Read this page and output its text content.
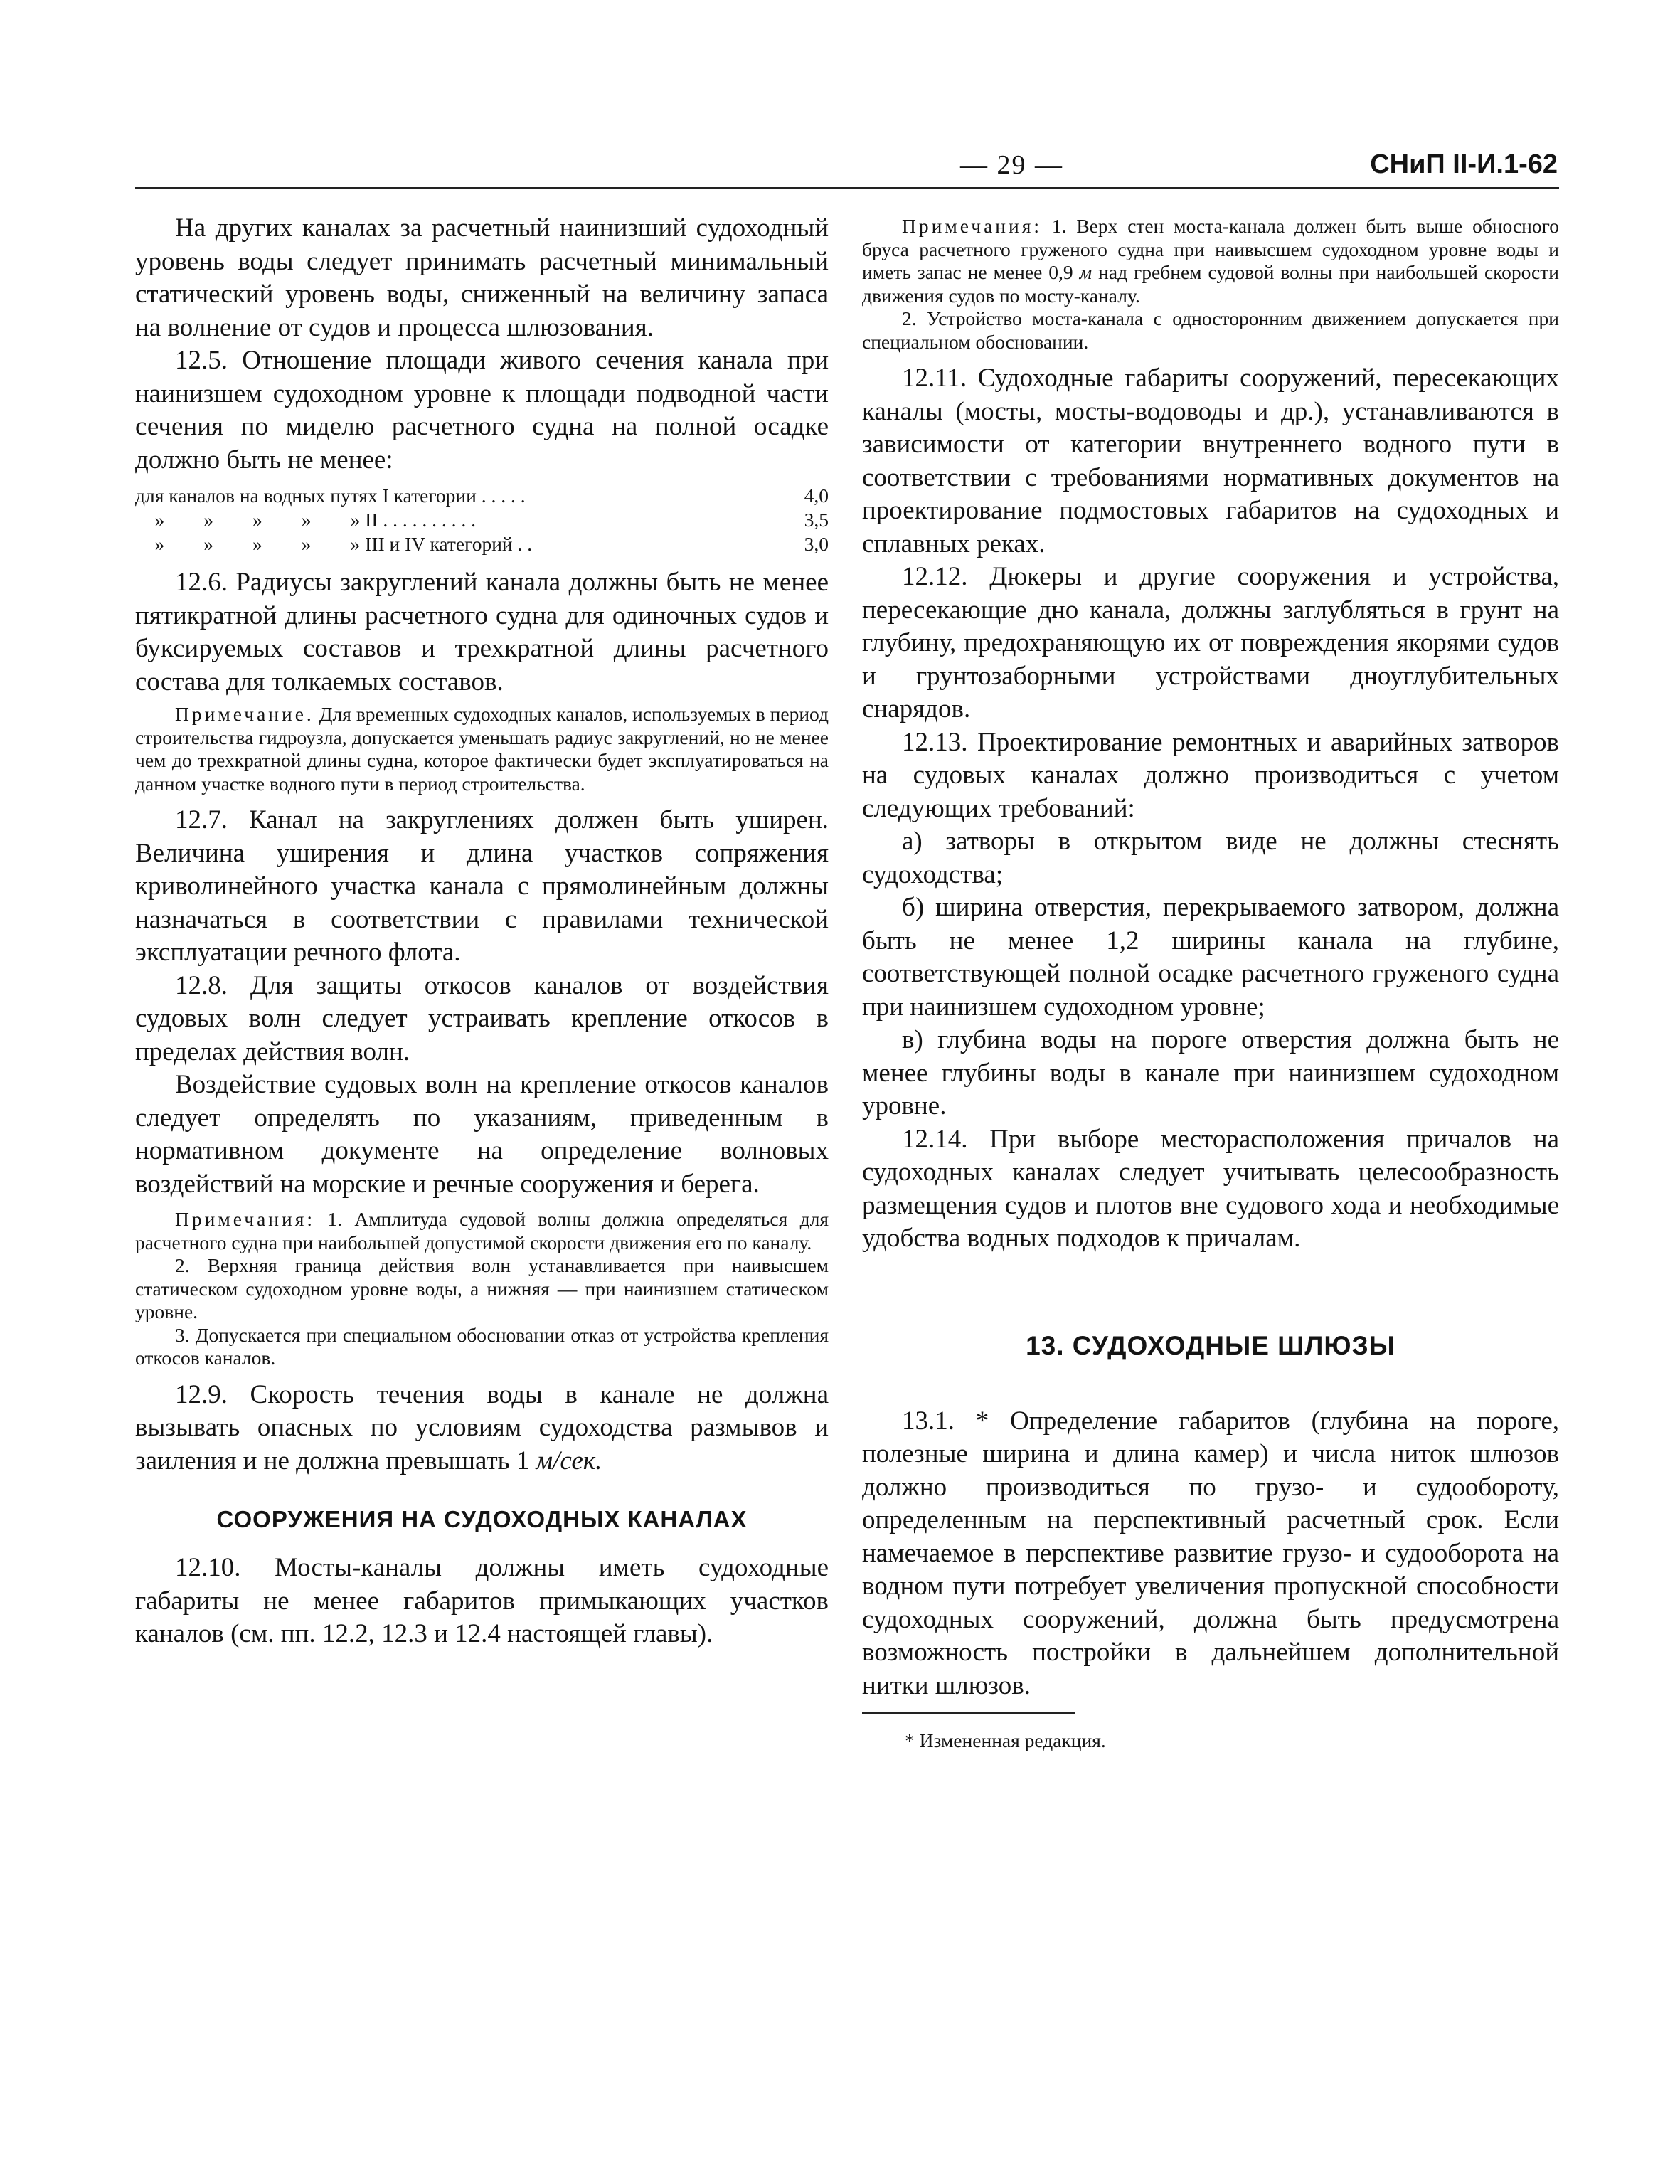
— 29 —	СНиП II-И.1-62

На других каналах за расчетный наинизший судоходный уровень воды следует принимать расчетный минимальный статический уровень воды, сниженный на величину запаса на волнение от судов и процесса шлюзования.

12.5. Отношение площади живого сечения канала при наинизшем судоходном уровне к площади подводной части сечения по миделю расчетного судна на полной осадке должно быть не менее:

для каналов на водных путях I категории . . . . .	4,0
»        »        »        »        » II . . . . . . . . . .	3,5
»        »        »        »        » III и IV категорий . .	3,0

12.6. Радиусы закруглений канала должны быть не менее пятикратной длины расчетного судна для одиночных судов и буксируемых составов и трехкратной длины расчетного состава для толкаемых составов.

Примечание. Для временных судоходных каналов, используемых в период строительства гидроузла, допускается уменьшать радиус закруглений, но не менее чем до трехкратной длины судна, которое фактически будет эксплуатироваться на данном участке водного пути в период строительства.

12.7. Канал на закруглениях должен быть уширен. Величина уширения и длина участков сопряжения криволинейного участка канала с прямолинейным должны назначаться в соответствии с правилами технической эксплуатации речного флота.

12.8. Для защиты откосов каналов от воздействия судовых волн следует устраивать крепление откосов в пределах действия волн.

Воздействие судовых волн на крепление откосов каналов следует определять по указаниям, приведенным в нормативном документе на определение волновых воздействий на морские и речные сооружения и берега.

Примечания: 1. Амплитуда судовой волны должна определяться для расчетного судна при наибольшей допустимой скорости движения его по каналу.

2. Верхняя граница действия волн устанавливается при наивысшем статическом судоходном уровне воды, а нижняя — при наинизшем статическом уровне.

3. Допускается при специальном обосновании отказ от устройства крепления откосов каналов.

12.9. Скорость течения воды в канале не должна вызывать опасных по условиям судоходства размывов и заиления и не должна превышать 1 м/сек.

СООРУЖЕНИЯ НА СУДОХОДНЫХ КАНАЛАХ

12.10. Мосты-каналы должны иметь судоходные габариты не менее габаритов примыкающих участков каналов (см. пп. 12.2, 12.3 и 12.4 настоящей главы).

Примечания: 1. Верх стен моста-канала должен быть выше обносного бруса расчетного груженого судна при наивысшем судоходном уровне воды и иметь запас не менее 0,9 м над гребнем судовой волны при наибольшей скорости движения судов по мосту-каналу.

2. Устройство моста-канала с односторонним движением допускается при специальном обосновании.

12.11. Судоходные габариты сооружений, пересекающих каналы (мосты, мосты-водоводы и др.), устанавливаются в зависимости от категории внутреннего водного пути в соответствии с требованиями нормативных документов на проектирование подмостовых габаритов на судоходных и сплавных реках.

12.12. Дюкеры и другие сооружения и устройства, пересекающие дно канала, должны заглубляться в грунт на глубину, предохраняющую их от повреждения якорями судов и грунтозаборными устройствами дноуглубительных снарядов.

12.13. Проектирование ремонтных и аварийных затворов на судовых каналах должно производиться с учетом следующих требований:

а) затворы в открытом виде не должны стеснять судоходства;

б) ширина отверстия, перекрываемого затвором, должна быть не менее 1,2 ширины канала на глубине, соответствующей полной осадке расчетного груженого судна при наинизшем судоходном уровне;

в) глубина воды на пороге отверстия должна быть не менее глубины воды в канале при наинизшем судоходном уровне.

12.14. При выборе месторасположения причалов на судоходных каналах следует учитывать целесообразность размещения судов и плотов вне судового хода и необходимые удобства водных подходов к причалам.

13. СУДОХОДНЫЕ ШЛЮЗЫ

13.1. * Определение габаритов (глубина на пороге, полезные ширина и длина камер) и числа ниток шлюзов должно производиться по грузо- и судообороту, определенным на перспективный расчетный срок. Если намечаемое в перспективе развитие грузо- и судооборота на водном пути потребует увеличения пропускной способности судоходных сооружений, должна быть предусмотрена возможность постройки в дальнейшем дополнительной нитки шлюзов.

* Измененная редакция.
